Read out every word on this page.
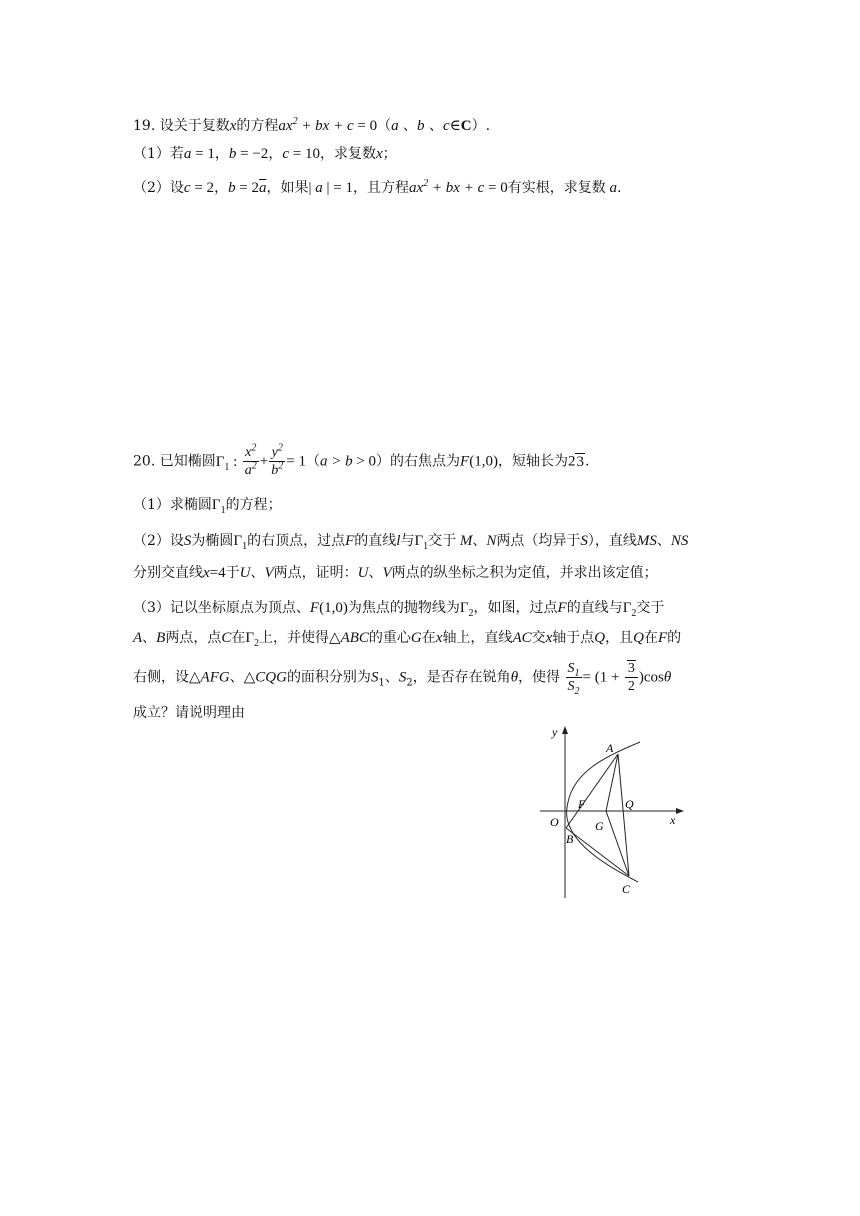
19. 设关于复数x的方程$ax^2$ + bx + c = 0（a 、b 、c∈C）.
（1）若a = 1，b = −2，c = 10，求复数x；
（2）设c = 2，$b = 2\overline{a}$，如果| a | = 1，且方程$ax^2$ + bx + c = 0有实根，求复数 a.
20. 已知椭圆$\Gamma_1$ : $\frac{x^2}{a^2} + \frac{y^2}{b^2} = 1(a > b > 0)$的右焦点为F(1,0)，短轴长为23.
（1）求椭圆$\Gamma_1$的方程；
（2）设S为椭圆$\Gamma_1$的右顶点，过点F的直线l与$\Gamma_1$交于 M、N两点（均异于S），直线MS、NS
分别交直线x=4于U、V两点，证明：U、V两点的纵坐标之积为定值，并求出该定值；
（3）记以坐标原点为顶点、F(1,0)为焦点的抛物线为$\Gamma_2$，如图，过点F的直线与$\Gamma_2$交于
A、B两点，点C在$\Gamma_2$上，并使得△ABC的重心G在x轴上，直线AC交x轴于点Q，且Q在F的
右侧，设△AFG、△CQG的面积分别为$S_1$、$S_2$，是否存在锐角θ，使得 $\frac{S_1}{S_2} = (1 + \frac{3}{2} )\cos\theta$
成立？请说明理由
y
x
O
A
B
C
F
G
Q
